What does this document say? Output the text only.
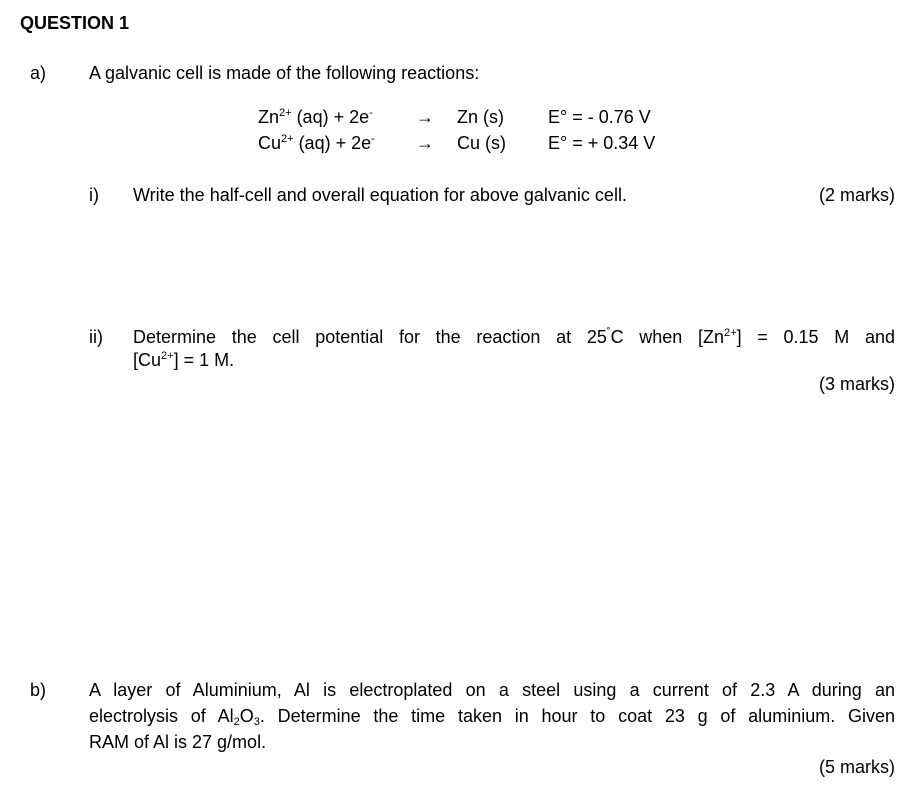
QUESTION 1
a) A galvanic cell is made of the following reactions:
$Zn^{2+}$ (aq) + 2e- → Zn (s) E° = - 0.76 V
$Cu^{2+}$ (aq) + 2e- → Cu (s) E° = + 0.34 V
i) Write the half-cell and overall equation for above galvanic cell.	(2 marks)
ii) Determine the cell potential for the reaction at 25˚C when $[Zn^{2+}] = 0.15$ M and
$[Cu^{2+}] = 1$ M.
(3 marks)
b) A layer of Aluminium, Al is electroplated on a steel using a current of 2.3 A during an
electrolysis of $Al_2O_3$. Determine the time taken in hour to coat 23 g of aluminium. Given
RAM of Al is 27 g/mol.
(5 marks)
